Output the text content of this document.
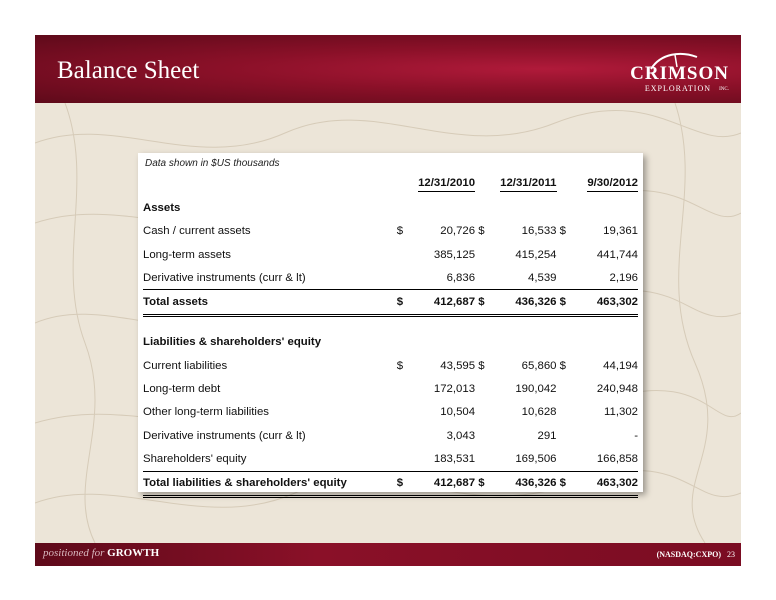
Balance Sheet	CRIMSON
EXPLORATION INC.
Data shown in $US thousands
		12/31/2010			12/31/2011			9/30/2012
Assets								
Cash / current assets	$	20,726		$	16,533		$	19,361
Long-term assets		385,125			415,254			441,744
Derivative instruments (curr & lt)		6,836			4,539			2,196
Total assets	$	412,687		$	436,326		$	463,302

Liabilities & shareholders' equity								
Current liabilities	$	43,595		$	65,860		$	44,194
Long-term debt		172,013			190,042			240,948
Other long-term liabilities		10,504			10,628			11,302
Derivative instruments (curr & lt)		3,043			291			-
Shareholders' equity		183,531			169,506			166,858
Total liabilities & shareholders' equity	$	412,687		$	436,326		$	463,302
positioned for GROWTH	(NASDAQ:CXPO) 23
